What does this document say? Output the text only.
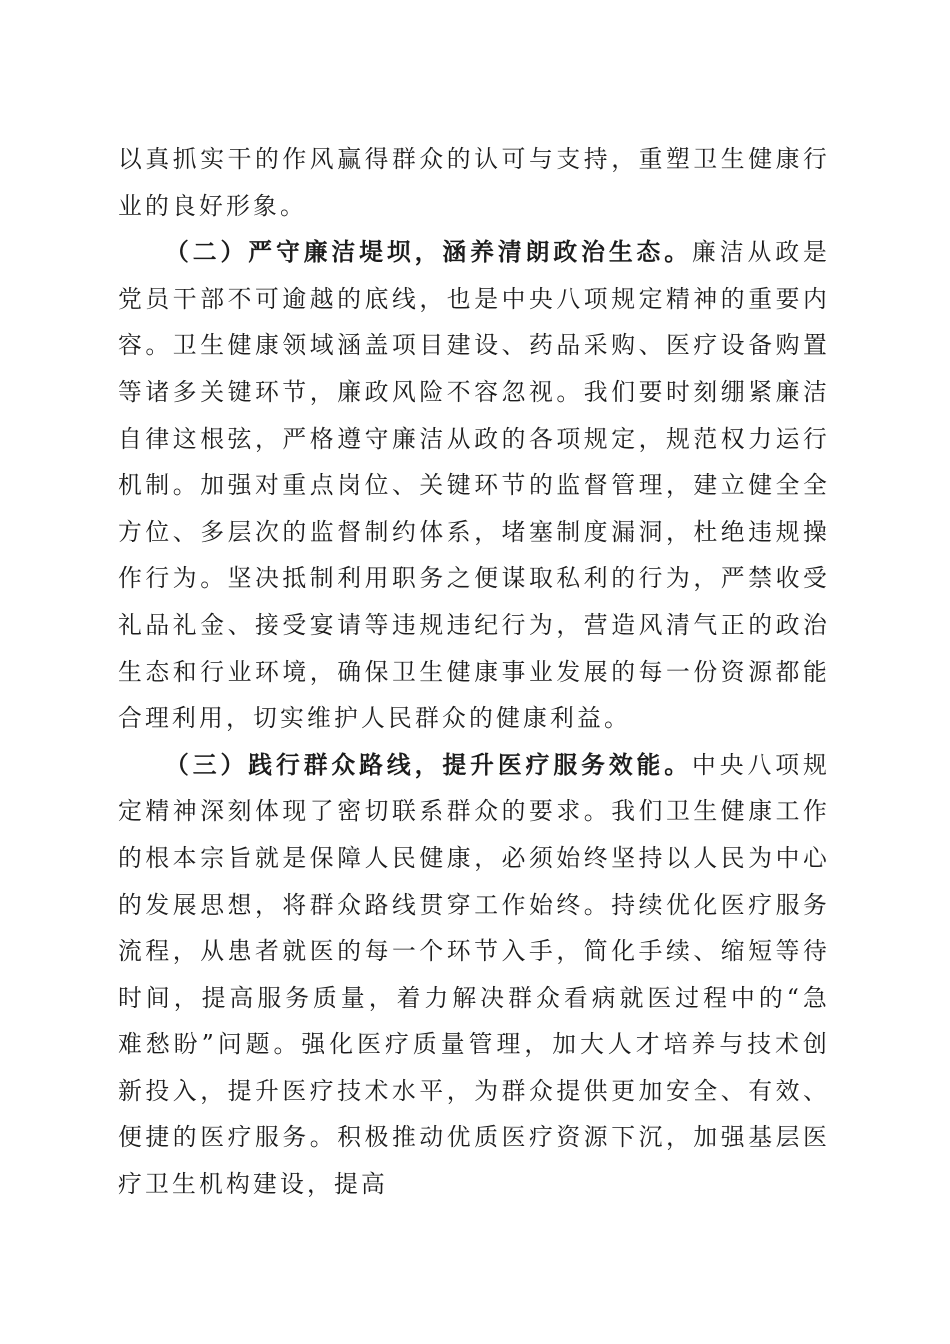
以真抓实干的作风赢得群众的认可与支持，重塑卫生健康行业的良好形象。

（二）严守廉洁堤坝，涵养清朗政治生态。廉洁从政是党员干部不可逾越的底线，也是中央八项规定精神的重要内容。卫生健康领域涵盖项目建设、药品采购、医疗设备购置等诸多关键环节，廉政风险不容忽视。我们要时刻绷紧廉洁自律这根弦，严格遵守廉洁从政的各项规定，规范权力运行机制。加强对重点岗位、关键环节的监督管理，建立健全全方位、多层次的监督制约体系，堵塞制度漏洞，杜绝违规操作行为。坚决抵制利用职务之便谋取私利的行为，严禁收受礼品礼金、接受宴请等违规违纪行为，营造风清气正的政治生态和行业环境，确保卫生健康事业发展的每一份资源都能合理利用，切实维护人民群众的健康利益。

（三）践行群众路线，提升医疗服务效能。中央八项规定精神深刻体现了密切联系群众的要求。我们卫生健康工作的根本宗旨就是保障人民健康，必须始终坚持以人民为中心的发展思想，将群众路线贯穿工作始终。持续优化医疗服务流程，从患者就医的每一个环节入手，简化手续、缩短等待时间，提高服务质量，着力解决群众看病就医过程中的“急难愁盼”问题。强化医疗质量管理，加大人才培养与技术创新投入，提升医疗技术水平，为群众提供更加安全、有效、便捷的医疗服务。积极推动优质医疗资源下沉，加强基层医疗卫生机构建设，提高
